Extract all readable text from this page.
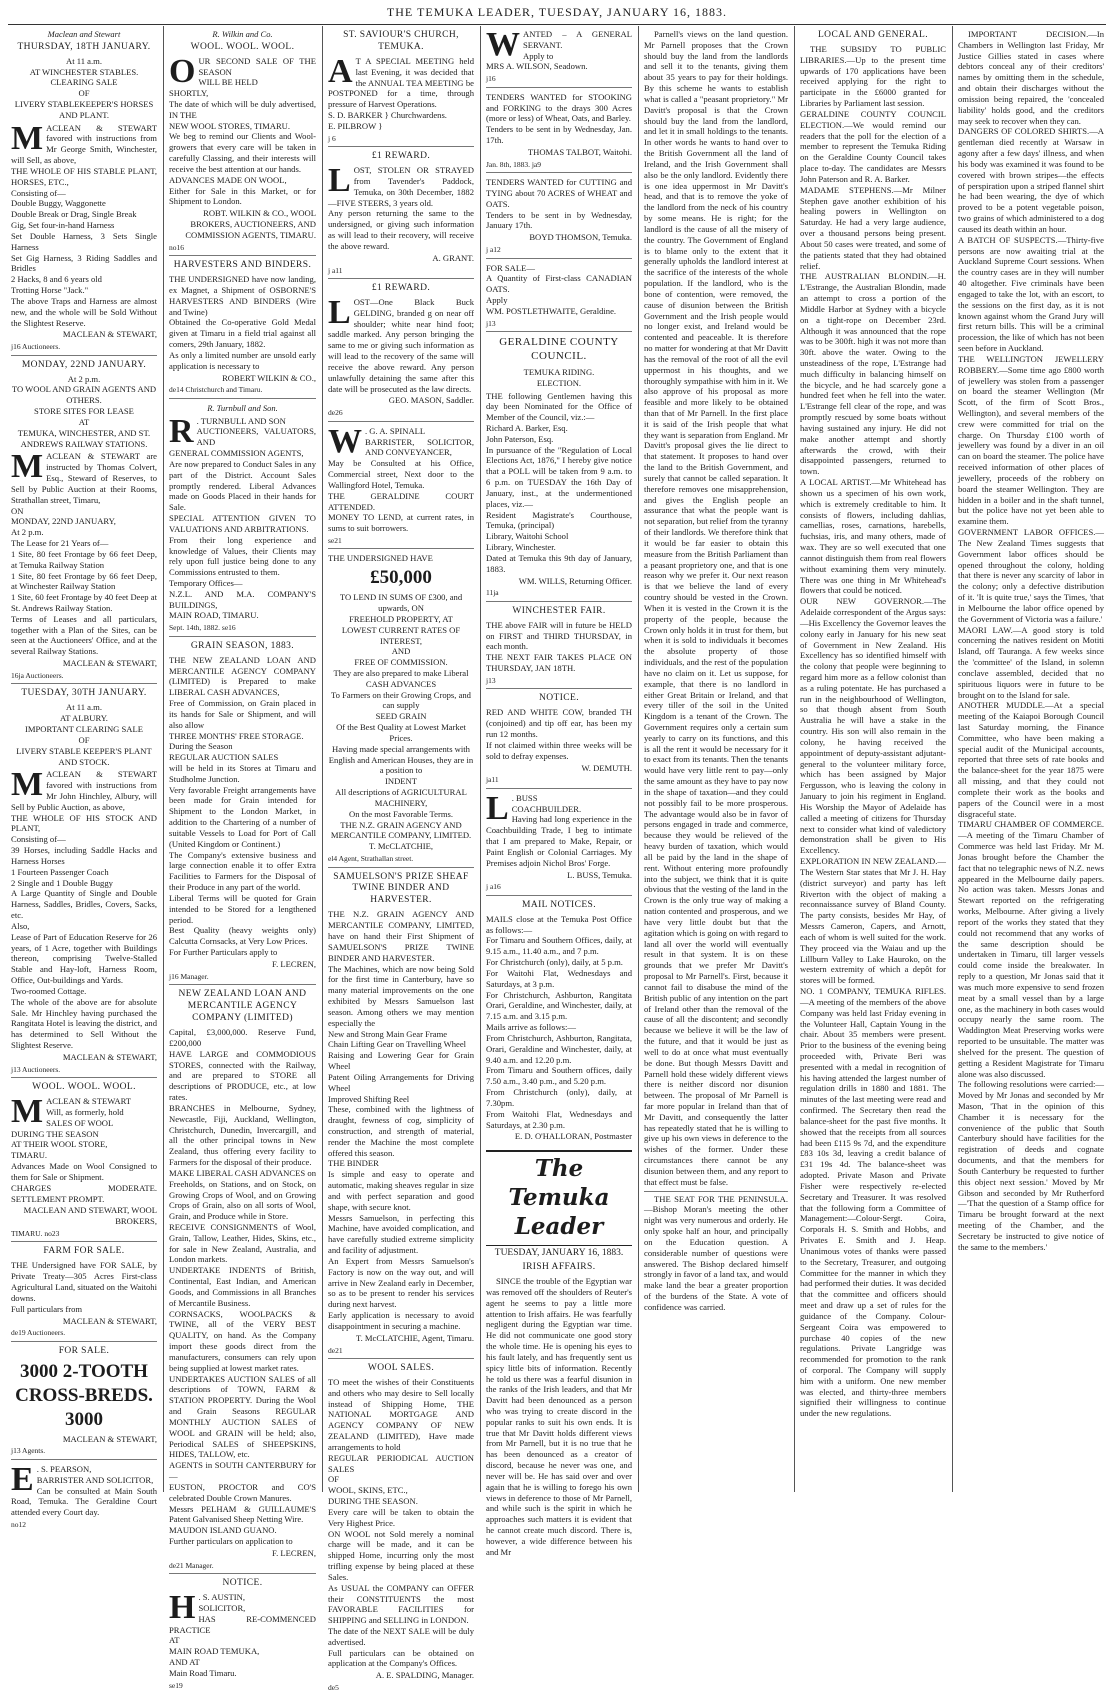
THE TEMUKA LEADER, TUESDAY, JANUARY 16, 1883.
Maclean and Stewart
THURSDAY, 18TH JANUARY.
At 11 a.m.
AT WINCHESTER STABLES.
CLEARING SALE
OF
LIVERY STABLEKEEPER'S HORSES
AND PLANT.

MACLEAN & STEWART favored with instructions from Mr George Smith, Winchester, will Sell, as above,
THE WHOLE OF HIS STABLE PLANT, HORSES, ETC.,
Consisting of—
Double Buggy, Waggonette
Double Break or Drag, Single Break
Gig, Set four-in-hand Harness
Set Double Harness, 3 Sets Single Harness
Set Gig Harness, 3 Riding Saddles and Bridles
2 Hacks, 8 and 6 years old
Trotting Horse "Jack."
The above Traps and Harness are almost new, and the whole will be Sold Without the Slightest Reserve.

MACLEAN & STEWART,
j16 Auctioneers.
MONDAY, 22ND JANUARY.
At 2 p.m.
TO WOOL AND GRAIN AGENTS AND OTHERS.
STORE SITES FOR LEASE
AT
TEMUKA, WINCHESTER, AND ST. ANDREWS RAILWAY STATIONS.

MACLEAN & STEWART are instructed by Thomas Colvert, Esq., Steward of Reserves, to Sell by Public Auction at their Rooms, Strathallan street, Timaru,
ON
MONDAY, 22ND JANUARY,
At 2 p.m.
The Lease for 21 Years of—
1 Site, 80 feet Frontage by 66 feet Deep, at Temuka Railway Station
1 Site, 80 feet Frontage by 66 feet Deep, at Winchester Railway Station
1 Site, 60 feet Frontage by 40 feet Deep at St. Andrews Railway Station.
Terms of Leases and all particulars, together with a Plan of the Sites, can be seen at the Auctioneers' Office, and at the several Railway Stations.

MACLEAN & STEWART,
16ja Auctioneers.
TUESDAY, 30TH JANUARY.
At 11 a.m.
AT ALBURY.
IMPORTANT CLEARING SALE
OF
LIVERY STABLE KEEPER'S PLANT AND STOCK.

MACLEAN & STEWART favored with instructions from Mr John Hinchley, Albury, will Sell by Public Auction, as above,
THE WHOLE OF HIS STOCK AND PLANT,
Consisting of—
39 Horses, including Saddle Hacks and Harness Horses
1 Fourteen Passenger Coach
2 Single and 1 Double Buggy
A Large Quantity of Single and Double Harness, Saddles, Bridles, Covers, Sacks, etc.
Also,
Lease of Part of Education Reserve for 26 years, of 1 Acre, together with Buildings thereon, comprising Twelve-Stalled Stable and Hay-loft, Harness Room, Office, Out-buildings and Yards.
Two-roomed Cottage.
The whole of the above are for absolute Sale. Mr Hinchley having purchased the Rangitata Hotel is leaving the district, and has determined to Sell Without the Slightest Reserve.

MACLEAN & STEWART,
j13 Auctioneers.
WOOL. WOOL. WOOL.

MACLEAN & STEWART
Will, as formerly, hold
SALES OF WOOL
DURING THE SEASON
AT THEIR WOOL STORE,
TIMARU.
Advances Made on Wool Consigned to them for Sale or Shipment.
CHARGES MODERATE. SETTLEMENT PROMPT.

MACLEAN AND STEWART, WOOL BROKERS,
TIMARU. no23
FARM FOR SALE.

THE Undersigned have FOR SALE, by Private Treaty—305 Acres First-class Agricultural Land, situated on the Waitohi downs.
Full particulars from

MACLEAN & STEWART,
de19 Auctioneers.
FOR SALE.
3000 2-TOOTH CROSS-BREDS. 3000
MACLEAN & STEWART,
j13 Agents.

E . S. PEARSON,
BARRISTER AND SOLICITOR,
Can be consulted at Main South Road, Temuka. The Geraldine Court attended every Court day.

no12
R. Wilkin and Co.
WOOL. WOOL. WOOL.

OUR SECOND SALE OF THE SEASON
WILL BE HELD
SHORTLY,
The date of which will be duly advertised, IN THE
NEW WOOL STORES, TIMARU.
We beg to remind our Clients and Wool-growers that every care will be taken in carefully Classing, and their interests will receive the best attention at our hands.
ADVANCES MADE ON WOOL,
Either for Sale in this Market, or for Shipment to London.

ROBT. WILKIN & CO., WOOL BROKERS, AUCTIONEERS, AND COMMISSION AGENTS, TIMARU.
no16
HARVESTERS AND BINDERS.

THE UNDERSIGNED have now landing, ex Magnet, a Shipment of OSBORNE'S HARVESTERS AND BINDERS (Wire and Twine)
Obtained the Co-operative Gold Medal given at Timaru in a field trial against all comers, 29th January, 1882.
As only a limited number are unsold early application is necessary to

ROBERT WILKIN & CO.,
de14 Christchurch and Timaru.
R. Turnbull and Son.

R . TURNBULL AND SON
AUCTIONEERS, VALUATORS, AND
GENERAL COMMISSION AGENTS,
Are now prepared to Conduct Sales in any part of the District. Account Sales promptly rendered. Liberal Advances made on Goods Placed in their hands for Sale.
SPECIAL ATTENTION GIVEN TO VALUATIONS AND ARBITRATIONS.
From their long experience and knowledge of Values, their Clients may rely upon full justice being done to any Commissions entrusted to them.
Temporary Offices—
N.Z.L. AND M.A. COMPANY'S BUILDINGS,
MAIN ROAD, TIMARU.

Sept. 14th, 1882. se16
GRAIN SEASON, 1883.

THE NEW ZEALAND LOAN AND MERCANTILE AGENCY COMPANY (LIMITED) is Prepared to make LIBERAL CASH ADVANCES,
Free of Commission, on Grain placed in its hands for Sale or Shipment, and will also allow
THREE MONTHS' FREE STORAGE.
During the Season
REGULAR AUCTION SALES
will be held in its Stores at Timaru and Studholme Junction.
Very favorable Freight arrangements have been made for Grain intended for Shipment to the London Market, in addition to the Chartering of a number of suitable Vessels to Load for Port of Call (United Kingdom or Continent.)
The Company's extensive business and large connection enable it to offer Extra Facilities to Farmers for the Disposal of their Produce in any part of the world.
Liberal Terms will be quoted for Grain intended to be Stored for a lengthened period.
Best Quality (heavy weights only) Calcutta Cornsacks, at Very Low Prices.
For Further Particulars apply to

F. LECREN,
j16 Manager.
NEW ZEALAND LOAN AND MERCANTILE AGENCY COMPANY (LIMITED)

Capital, £3,000,000. Reserve Fund, £200,000
HAVE LARGE and COMMODIOUS STORES, connected with the Railway, and are prepared to STORE all descriptions of PRODUCE, etc., at low rates.
BRANCHES in Melbourne, Sydney, Newcastle, Fiji, Auckland, Wellington, Christchurch, Dunedin, Invercargill, and all the other principal towns in New Zealand, thus offering every facility to Farmers for the disposal of their produce.
MAKE LIBERAL CASH ADVANCES on Freeholds, on Stations, and on Stock, on Growing Crops of Wool, and on Growing Crops of Grain, also on all sorts of Wool, Grain, and Produce while in Store.
RECEIVE CONSIGNMENTS of Wool, Grain, Tallow, Leather, Hides, Skins, etc., for sale in New Zealand, Australia, and London markets.
UNDERTAKE INDENTS of British, Continental, East Indian, and American Goods, and Commissions in all Branches of Mercantile Business.
CORNSACKS, WOOLPACKS & TWINE, all of the VERY BEST QUALITY, on hand. As the Company import these goods direct from the manufacturers, consumers can rely upon being supplied at lowest market rates.
UNDERTAKES AUCTION SALES of all descriptions of TOWN, FARM & STATION PROPERTY. During the Wool and Grain Seasons REGULAR MONTHLY AUCTION SALES of WOOL and GRAIN will be held; also, Periodical SALES of SHEEPSKINS, HIDES, TALLOW, etc.
AGENTS in SOUTH CANTERBURY for—
EUSTON, PROCTOR and CO'S celebrated Double Crown Manures.
Messrs PELHAM & GUILLAUME'S Patent Galvanised Sheep Netting Wire.
MAUDON ISLAND GUANO.
Further particulars on application to

F. LECREN,
de21 Manager.
NOTICE.

H . S. AUSTIN,
SOLICITOR,
HAS RE-COMMENCED PRACTICE
AT
MAIN ROAD TEMUKA,
AND AT
Main Road Timaru.

se19
ST. SAVIOUR'S CHURCH, TEMUKA.

A T A SPECIAL MEETING held last Evening, it was decided that the ANNUAL TEA MEETING be POSTPONED for a time, through pressure of Harvest Operations.
S. D. BARKER } Churchwardens.
E. PILBROW }

j 6
£1 REWARD.

LOST, STOLEN OR STRAYED from Tavender's Paddock, Temuka, on 30th December, 1882—FIVE STEERS, 3 years old.
Any person returning the same to the undersigned, or giving such information as will lead to their recovery, will receive the above reward.

A. GRANT.
j a11
£1 REWARD.

LOST—One Black Buck GELDING, branded g on near off shoulder; white near hind foot; saddle marked. Any person bringing the same to me or giving such information as will lead to the recovery of the same will receive the above reward. Any person unlawfully detaining the same after this date will be prosecuted as the law directs.

GEO. MASON, Saddler.
de26

W . G. A. SPINALL
BARRISTER, SOLICITOR, AND CONVEYANCER,
May be Consulted at his Office, Commercial street, Next door to the Wallingford Hotel, Temuka.
THE GERALDINE COURT ATTENDED.
MONEY TO LEND, at current rates, in sums to suit borrowers.

se21

THE UNDERSIGNED HAVE

£50,000
TO LEND IN SUMS OF £300, and upwards, ON
FREEHOLD PROPERTY, AT
LOWEST CURRENT RATES OF INTEREST,
AND
FREE OF COMMISSION.
They are also prepared to make Liberal CASH ADVANCES
To Farmers on their Growing Crops, and can supply
SEED GRAIN
Of the Best Quality at Lowest Market Prices.
Having made special arrangements with English and American Houses, they are in a position to
INDENT
All descriptions of AGRICULTURAL MACHINERY,
On the most Favorable Terms.
THE N.Z. GRAIN AGENCY AND MERCANTILE COMPANY, LIMITED.
T. McCLATCHIE,
el4 Agent, Strathallan street.
SAMUELSON'S PRIZE SHEAF TWINE BINDER AND HARVESTER.

THE N.Z. GRAIN AGENCY AND MERCANTILE COMPANY, LIMITED, have on hand their First Shipment of SAMUELSON'S PRIZE TWINE BINDER AND HARVESTER.
The Machines, which are now being Sold for the first time in Canterbury, have so many material improvements on the one exhibited by Messrs Samuelson last season. Among others we may mention especially the
New and Strong Main Gear Frame
Chain Lifting Gear on Travelling Wheel
Raising and Lowering Gear for Grain Wheel
Patent Oiling Arrangements for Driving Wheel
Improved Shifting Reel
These, combined with the lightness of draught, fewness of cog, simplicity of construction, and strength of material, render the Machine the most complete offered this season.
THE BINDER
Is simple and easy to operate and automatic, making sheaves regular in size and with perfect separation and good shape, with secure knot.
Messrs Samuelson, in perfecting this Machine, have avoided complication, and have carefully studied extreme simplicity and facility of adjustment.
An Expert from Messrs Samuelson's Factory is now on the way out, and will arrive in New Zealand early in December, so as to be present to render his services during next harvest.
Early application is necessary to avoid disappointment in securing a machine.

T. McCLATCHIE, Agent, Timaru.
de21
WOOL SALES.

TO meet the wishes of their Constituents and others who may desire to Sell locally instead of Shipping Home, THE NATIONAL MORTGAGE AND AGENCY COMPANY OF NEW ZEALAND (LIMITED), Have made arrangements to hold
REGULAR PERIODICAL AUCTION SALES
OF
WOOL, SKINS, ETC.,
DURING THE SEASON.
Every care will be taken to obtain the Very Highest Price.
ON WOOL not Sold merely a nominal charge will be made, and it can be shipped Home, incurring only the most trifling expense by being placed at these Sales.
As USUAL the COMPANY can OFFER their CONSTITUENTS the most FAVORABLE FACILITIES for SHIPPING and SELLING in LONDON.
The date of the NEXT SALE will be duly advertised.
Full particulars can be obtained on application at the Company's Offices.

A. E. SPALDING, Manager.
de5

WANTED – A GENERAL SERVANT.
Apply to
MRS A. WILSON, Seadown.

j16

TENDERS WANTED for STOOKING and FORKING to the drays 300 Acres (more or less) of Wheat, Oats, and Barley.
Tenders to be sent in by Wednesday, Jan. 17th.

THOMAS TALBOT, Waitohi.
Jan. 8th, 1883. ja9

TENDERS WANTED for CUTTING and TYING about 70 ACRES of WHEAT and OATS.
Tenders to be sent in by Wednesday, January 17th.

BOYD THOMSON, Temuka.
j a12

FOR SALE—
A Quantity of First-class CANADIAN OATS.
Apply
WM. POSTLETHWAITE, Geraldine.

j13
GERALDINE COUNTY COUNCIL.
TEMUKA RIDING.
ELECTION.

THE following Gentlemen having this day been Nominated for the Office of Member of the Council, viz.:—
Richard A. Barker, Esq.
John Paterson, Esq.
In pursuance of the "Regulation of Local Elections Act, 1876," I hereby give notice that a POLL will be taken from 9 a.m. to 6 p.m. on TUESDAY the 16th Day of January, inst., at the undermentioned places, viz.—
Resident Magistrate's Courthouse, Temuka, (principal)
Library, Waitohi School
Library, Winchester.
Dated at Temuka this 9th day of January, 1883.

WM. WILLS, Returning Officer.
11ja
WINCHESTER FAIR.

THE above FAIR will in future be HELD on FIRST and THIRD THURSDAY, in each month.
THE NEXT FAIR TAKES PLACE ON THURSDAY, JAN 18TH.

j13
NOTICE.

RED AND WHITE COW, branded TH (conjoined) and tip off ear, has been my run 12 months.
If not claimed within three weeks will be sold to defray expenses.

W. DEMUTH.
ja11

L . BUSS
COACHBUILDER.
Having had long experience in the Coachbuilding Trade, I beg to intimate that I am prepared to Make, Repair, or Paint English or Colonial Carriages. My Premises adjoin Nichol Bros' Forge.

L. BUSS, Temuka.
j a16
MAIL NOTICES.

MAILS close at the Temuka Post Office as follows:—
For Timaru and Southern Offices, daily, at 9.15 a.m., 11.40 a.m., and 7 p.m.
For Christchurch (only), daily, at 5 p.m.
For Waitohi Flat, Wednesdays and Saturdays, at 3 p.m.
For Christchurch, Ashburton, Rangitata Orari, Geraldine, and Winchester, daily, at 7.15 a.m. and 3.15 p.m.
Mails arrive as follows:—
From Christchurch, Ashburton, Rangitata, Orari, Geraldine and Winchester, daily, at 9.40 a.m. and 12.20 p.m.
From Timaru and Southern offices, daily 7.50 a.m., 3.40 p.m., and 5.20 p.m.
From Christchurch (only), daily, at 7.30pm.
From Waitohi Flat, Wednesdays and Saturdays, at 2.30 p.m.

E. D. O'HALLORAN, Postmaster
The Temuka Leader
TUESDAY, JANUARY 16, 1883.
IRISH AFFAIRS.

SINCE the trouble of the Egyptian war was removed off the shoulders of Reuter's agent he seems to pay a little more attention to Irish affairs. He was fearfully negligent during the Egyptian war time. He did not communicate one good story the whole time. He is opening his eyes to his fault lately, and has frequently sent us spicy little bits of information. Recently he told us there was a fearful disunion in the ranks of the Irish leaders, and that Mr Davitt had been denounced as a person who was trying to create discord in the popular ranks to suit his own ends. It is true that Mr Davitt holds different views from Mr Parnell, but it is no true that he has been denounced as a creator of discord, because he never was one, and never will be. He has said over and over again that he is willing to forego his own views in deference to those of Mr Parnell, and while such is the spirit in which he approaches such matters it is evident that he cannot create much discord. There is, however, a wide difference between his and Mr

Parnell's views on the land question. Mr Parnell proposes that the Crown should buy the land from the landlords and sell it to the tenants, giving them about 35 years to pay for their holdings. By this scheme he wants to establish what is called a "peasant proprietory." Mr Davitt's proposal is that the Crown should buy the land from the landlord, and let it in small holdings to the tenants. In other words he wants to hand over to the British Government all the land of Ireland, and the Irish Government shall also be the only landlord. Evidently there is one idea uppermost in Mr Davitt's head, and that is to remove the yoke of the landlord from the neck of his country by some means. He is right; for the landlord is the cause of all the misery of the country. The Government of England is to blame only to the extent that it generally upholds the landlord interest at the sacrifice of the interests of the whole population. If the landlord, who is the bone of contention, were removed, the cause of disunion between the British Government and the Irish people would no longer exist, and Ireland would be contented and peaceable. It is therefore no matter for wondering at that Mr Davitt has the removal of the root of all the evil uppermost in his thoughts, and we thoroughly sympathise with him in it. We also approve of his proposal as more feasible and more likely to be obtained than that of Mr Parnell. In the first place it is said of the Irish people that what they want is separation from England. Mr Davitt's proposal gives the lie direct to that statement. It proposes to hand over the land to the British Government, and surely that cannot be called separation. It therefore removes one misapprehension, and gives the English people an assurance that what the people want is not separation, but relief from the tyranny of their landlords. We therefore think that it would be far easier to obtain this measure from the British Parliament than a peasant proprietory one, and that is one reason why we prefer it. Our next reason is that we believe the land of every country should be vested in the Crown. When it is vested in the Crown it is the property of the people, because the Crown only holds it in trust for them, but when it is sold to individuals it becomes the absolute property of those individuals, and the rest of the population have no claim on it. Let us suppose, for example, that there is no landlord in either Great Britain or Ireland, and that every tiller of the soil in the United Kingdom is a tenant of the Crown. The Government requires only a certain sum yearly to carry on its functions, and this is all the rent it would be necessary for it to exact from its tenants. Then the tenants would have very little rent to pay—only the same amount as they have to pay now in the shape of taxation—and they could not possibly fail to be more prosperous. The advantage would also be in favor of persons engaged in trade and commerce, because they would be relieved of the heavy burden of taxation, which would all be paid by the land in the shape of rent. Without entering more profoundly into the subject, we think that it is quite obvious that the vesting of the land in the Crown is the only true way of making a nation contented and prosperous, and we have very little doubt but that the agitation which is going on with regard to land all over the world will eventually result in that system. It is on these grounds that we prefer Mr Davitt's proposal to Mr Parnell's. First, because it cannot fail to disabuse the mind of the British public of any intention on the part of Ireland other than the removal of the cause of all the discontent; and secondly because we believe it will be the law of the future, and that it would be just as well to do at once what must eventually be done. But though Messrs Davitt and Parnell hold these widely different views there is neither discord nor disunion between. The proposal of Mr Parnell is far more popular in Ireland than that of Mr Davitt, and consequently the latter has repeatedly stated that he is willing to give up his own views in deference to the wishes of the former. Under these circumstances there cannot be any disunion between them, and any report to that effect must be false.

THE SEAT FOR THE PENINSULA.—Bishop Moran's meeting the other night was very numerous and orderly. He only spoke half an hour, and principally on the Education question. A considerable number of questions were answered. The Bishop declared himself strongly in favor of a land tax, and would make land the bear a greater proportion of the burdens of the State. A vote of confidence was carried.

LOCAL AND GENERAL.

THE SUBSIDY TO PUBLIC LIBRARIES.—Up to the present time upwards of 170 applications have been received applying for the right to participate in the £6000 granted for Libraries by Parliament last session.
GERALDINE COUNTY COUNCIL ELECTION.—We would remind our readers that the poll for the election of a member to represent the Temuka Riding on the Geraldine County Council takes place to-day. The candidates are Messrs John Paterson and R. A. Barker.
MADAME STEPHENS.—Mr Milner Stephen gave another exhibition of his healing powers in Wellington on Saturday. He had a very large audience, over a thousand persons being present. About 50 cases were treated, and some of the patients stated that they had obtained relief.
THE AUSTRALIAN BLONDIN.—H. L'Estrange, the Australian Blondin, made an attempt to cross a portion of the Middle Harbor at Sydney with a bicycle on a tight-rope on December 23rd. Although it was announced that the rope was to be 300ft. high it was not more than 30ft. above the water. Owing to the unsteadiness of the rope, L'Estrange had much difficulty in balancing himself on the bicycle, and he had scarcely gone a hundred feet when he fell into the water. L'Estrange fell clear of the rope, and was promptly rescued by some boats without having sustained any injury. He did not make another attempt and shortly afterwards the crowd, with their disappointed passengers, returned to town.
A LOCAL ARTIST.—Mr Whitehead has shown us a specimen of his own work, which is extremely creditable to him. It consists of flowers, including dahlias, camellias, roses, carnations, harebells, fuchsias, iris, and many others, made of wax. They are so well executed that one cannot distinguish them from real flowers without examining them very minutely. There was one thing in Mr Whitehead's flowers that could be noticed.
OUR NEW GOVERNOR.—The Adelaide correspondent of the Argus says:—His Excellency the Governor leaves the colony early in January for his new seat of Government in New Zealand. His Excellency has so identified himself with the colony that people were beginning to regard him more as a fellow colonist than as a ruling potentate. He has purchased a run in the neighbourhood of Wellington, so that though absent from South Australia he will have a stake in the country. His son will also remain in the colony, he having received the appointment of deputy-assistant adjutant-general to the volunteer military force, which has been assigned by Major Fergusson, who is leaving the colony in January to join his regiment in England. His Worship the Mayor of Adelaide has called a meeting of citizens for Thursday next to consider what kind of valedictory demonstration shall be given to His Excellency.
EXPLORATION IN NEW ZEALAND.—The Western Star states that Mr J. H. Hay (district surveyor) and party has left Riverton with the object of making a reconnaissance survey of Bland County. The party consists, besides Mr Hay, of Messrs Cameron, Capers, and Arnott, each of whom is well suited for the work. They proceed via the Waiau and up the Lillburn Valley to Lake Hauroko, on the western extremity of which a depôt for stores will be formed.
NO. 1 COMPANY, TEMUKA RIFLES.—A meeting of the members of the above Company was held last Friday evening in the Volunteer Hall, Captain Young in the chair. About 35 members were present. Prior to the business of the evening being proceeded with, Private Beri was presented with a medal in recognition of his having attended the largest number of regulation drills in 1880 and 1881. The minutes of the last meeting were read and confirmed. The Secretary then read the balance-sheet for the past five months. It showed that the receipts from all sources had been £115 9s 7d, and the expenditure £83 10s 3d, leaving a credit balance of £31 19s 4d. The balance-sheet was adopted. Private Mason and Private Fisher were respectively re-elected Secretary and Treasurer. It was resolved that the following form a Committee of Management:—Colour-Sergt. Coira, Corporals H. S. Smith and Hobbs, and Privates E. Smith and J. Heap. Unanimous votes of thanks were passed to the Secretary, Treasurer, and outgoing Committee for the manner in which they had performed their duties. It was decided that the committee and officers should meet and draw up a set of rules for the guidance of the Company. Colour-Sergeant Coira was empowered to purchase 40 copies of the new regulations. Private Langridge was recommended for promotion to the rank of corporal. The Company will supply him with a uniform. One new member was elected, and thirty-three members signified their willingness to continue under the new regulations.

IMPORTANT DECISION.—In Chambers in Wellington last Friday, Mr Justice Gillies stated in cases where debtors conceal any of their creditors' names by omitting them in the schedule, and obtain their discharges without the omission being repaired, the 'concealed liability' holds good, and the creditors may seek to recover when they can.
DANGERS OF COLORED SHIRTS.—A gentleman died recently at Warsaw in agony after a few days' illness, and when his body was examined it was found to be covered with brown stripes—the effects of perspiration upon a striped flannel shirt he had been wearing, the dye of which proved to be a potent vegetable poison, two grains of which administered to a dog caused its death within an hour.
A BATCH OF SUSPECTS.—Thirty-five persons are now awaiting trial at the Auckland Supreme Court sessions. When the country cases are in they will number 40 altogether. Five criminals have been engaged to take the lot, with an escort, to the sessions on the first day, as it is not known against whom the Grand Jury will first return bills. This will be a criminal procession, the like of which has not been seen before in Auckland.
THE WELLINGTON JEWELLERY ROBBERY.—Some time ago £800 worth of jewellery was stolen from a passenger on board the steamer Wellington (Mr Scott, of the firm of Scott Bros., Wellington), and several members of the crew were committed for trial on the charge. On Thursday £100 worth of jewellery was found by a diver in an oil can on board the steamer. The police have received information of other places of jewellery, proceeds of the robbery on board the steamer Wellington. They are hidden in a boiler and in the shaft tunnel, but the police have not yet been able to examine them.
GOVERNMENT LABOR OFFICES.—The New Zealand Times suggests that Government labor offices should be opened throughout the colony, holding that there is never any scarcity of labor in the colony; only a defective distribution of it. 'It is quite true,' says the Times, 'that in Melbourne the labor office opened by the Government of Victoria was a failure.'
MAORI LAW.—A good story is told concerning the natives resident on Motiti Island, off Tauranga. A few weeks since the 'committee' of the Island, in solemn conclave assembled, decided that no spirituous liquors were in future to be brought on to the Island for sale.
ANOTHER MUDDLE.—At a special meeting of the Kaiapoi Borough Council last Saturday morning, the Finance Committee, who have been making a special audit of the Municipal accounts, reported that three sets of rate books and the balance-sheet for the year 1875 were all missing, and that they could not complete their work as the books and papers of the Council were in a most disgraceful state.
TIMARU CHAMBER OF COMMERCE.—A meeting of the Timaru Chamber of Commerce was held last Friday. Mr M. Jonas brought before the Chamber the fact that no telegraphic news of N.Z. news appeared in the Melbourne daily papers. No action was taken. Messrs Jonas and Stewart reported on the refrigerating works, Melbourne. After giving a lively report of the works they stated that they could not recommend that any works of the same description should be undertaken in Timaru, till larger vessels could come inside the breakwater. In reply to a question, Mr Jonas said that it was much more expensive to send frozen meat by a small vessel than by a large one, as the machinery in both cases would occupy nearly the same room. The Waddington Meat Preserving works were reported to be unsuitable. The matter was shelved for the present. The question of getting a Resident Magistrate for Timaru alone was also discussed.
The following resolutions were carried:—Moved by Mr Jonas and seconded by Mr Mason, 'That in the opinion of this Chamber it is necessary for the convenience of the public that South Canterbury should have facilities for the registration of deeds and cognate documents, and that the members for South Canterbury be requested to further this object next session.' Moved by Mr Gibson and seconded by Mr Rutherford—'That the question of a Stamp office for Timaru be brought forward at the next meeting of the Chamber, and the Secretary be instructed to give notice of the same to the members.'
